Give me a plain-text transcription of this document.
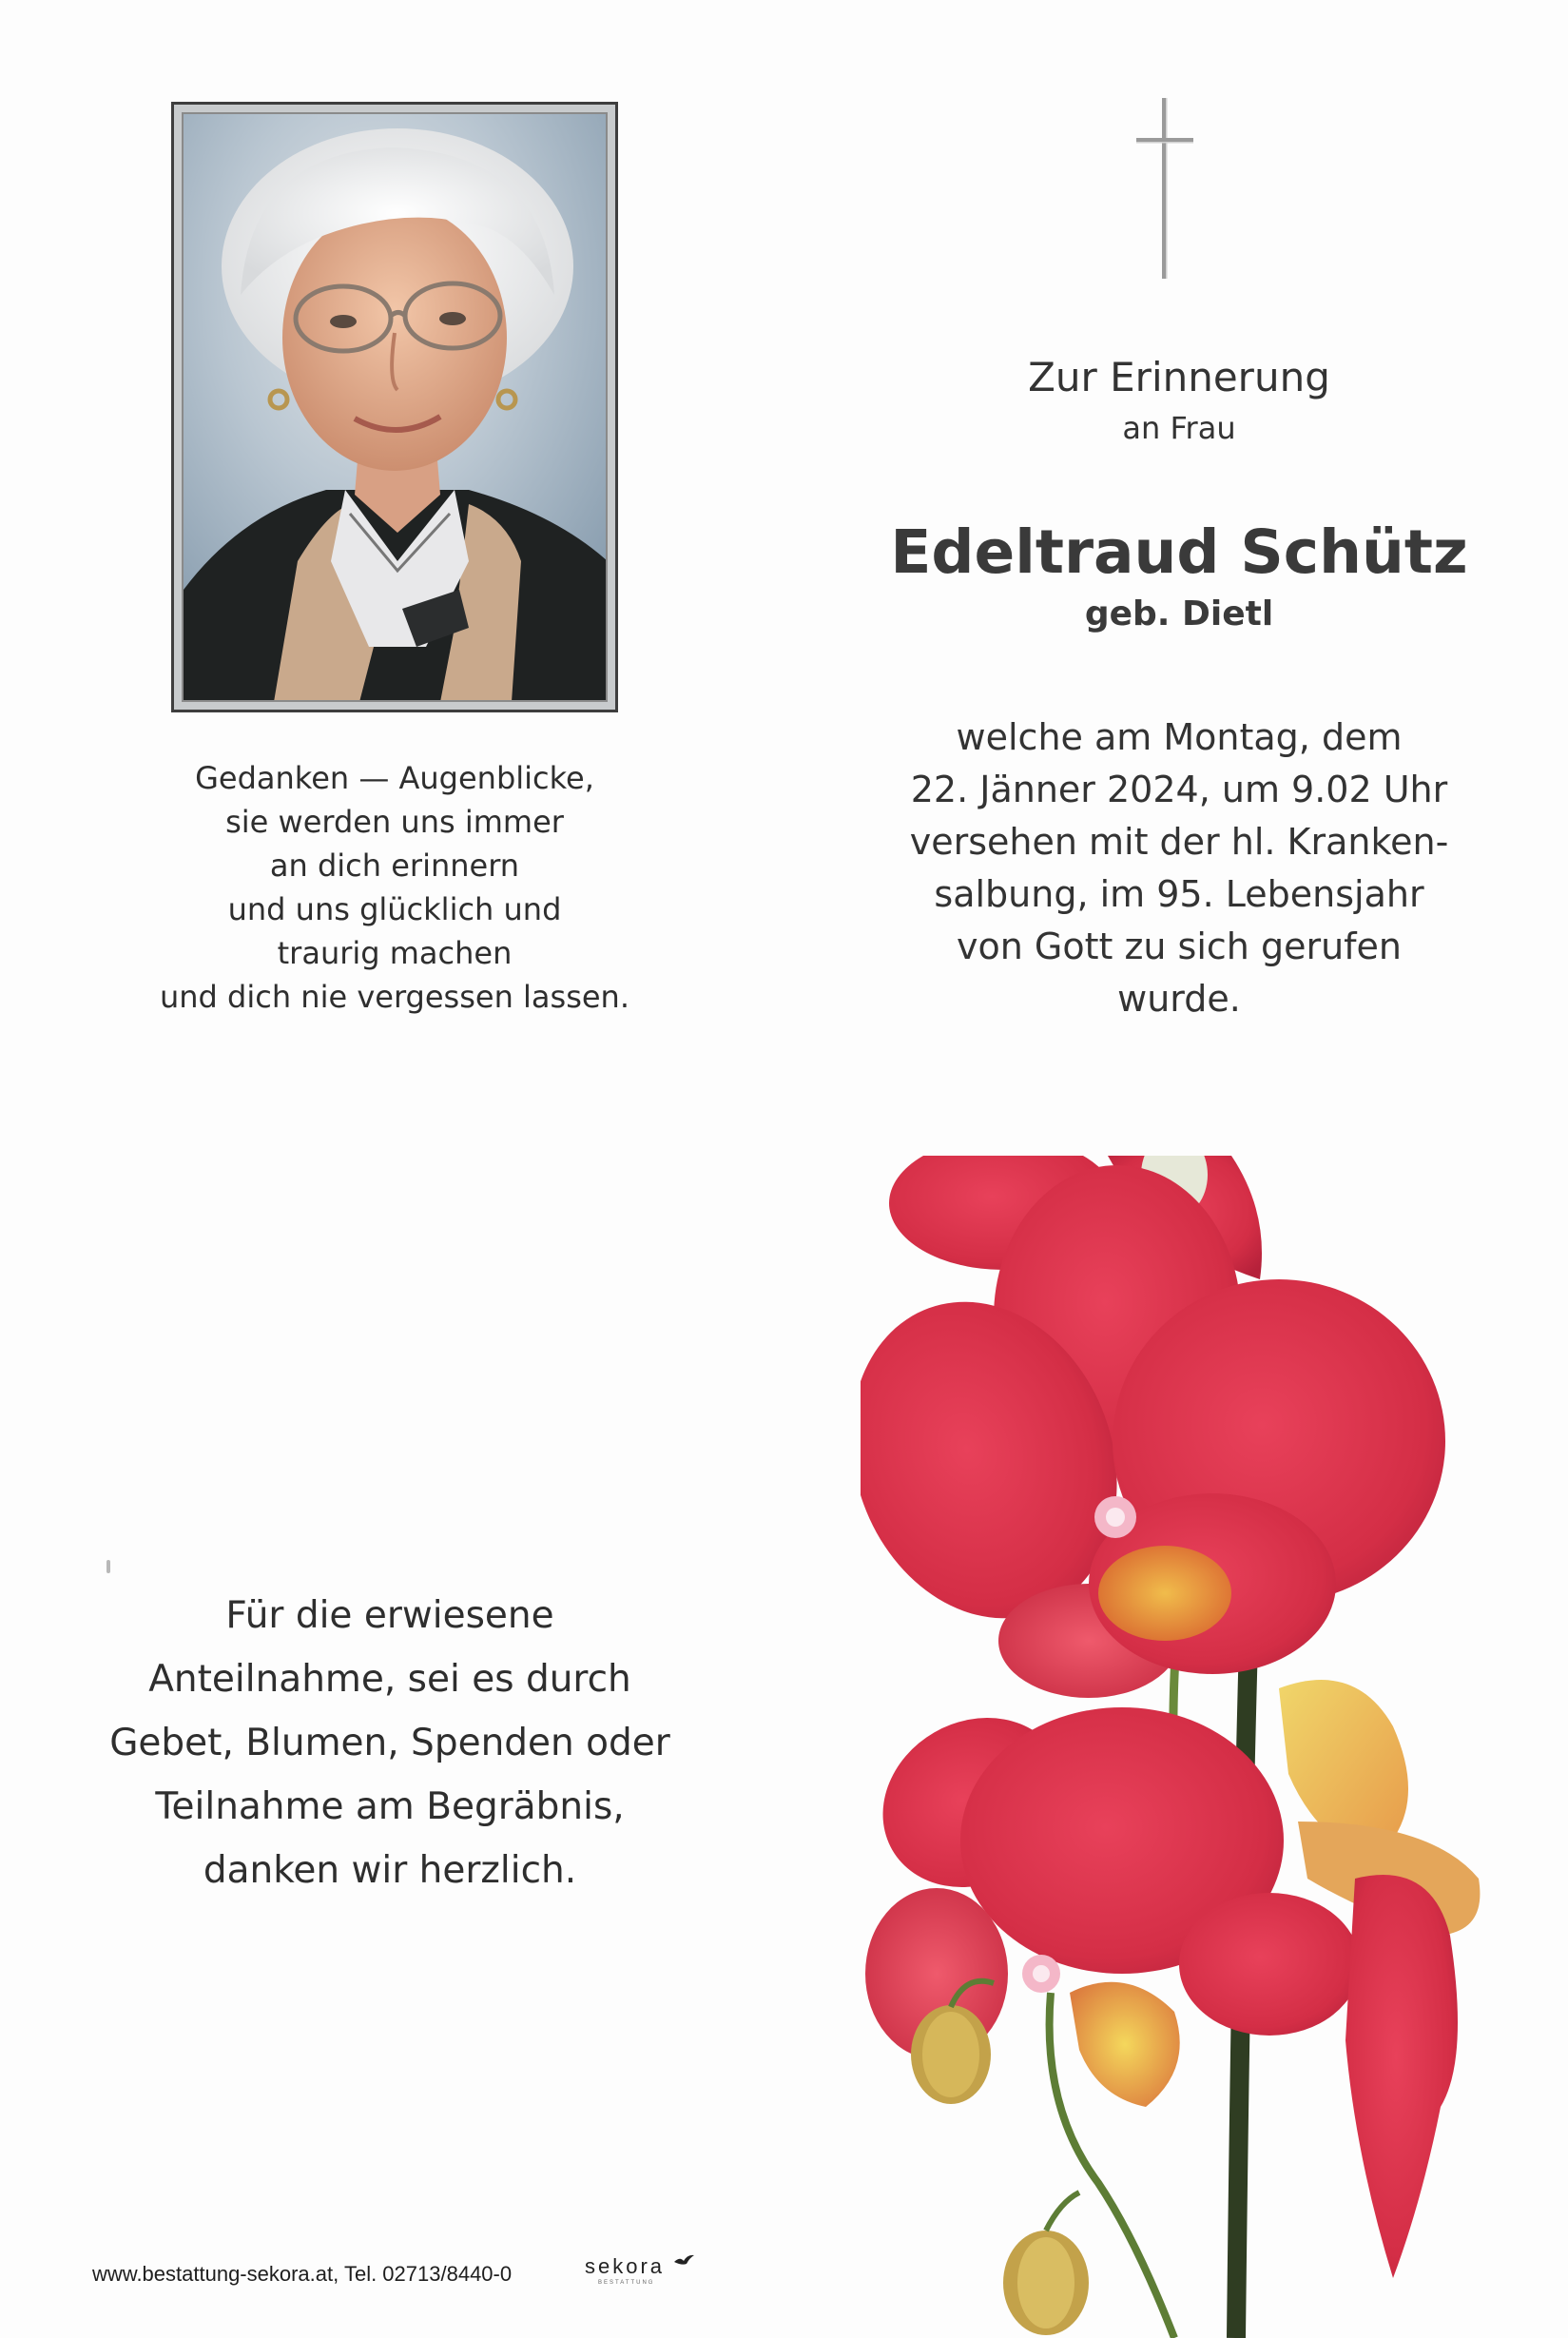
Gedanken — Augenblicke,
sie werden uns immer
an dich erinnern
und uns glücklich und
traurig machen
und dich nie vergessen lassen.
Für die erwiesene
Anteilnahme, sei es durch
Gebet, Blumen, Spenden oder
Teilnahme am Begräbnis,
danken wir herzlich.
www.bestattung-sekora.at, Tel. 02713/8440-0	sekora
BESTATTUNG
Zur Erinnerung
an Frau
Edeltraud Schütz
geb. Dietl
welche am Montag, dem
22. Jänner 2024, um 9.02 Uhr
versehen mit der hl. Kranken-
salbung, im 95. Lebensjahr
von Gott zu sich gerufen
wurde.
